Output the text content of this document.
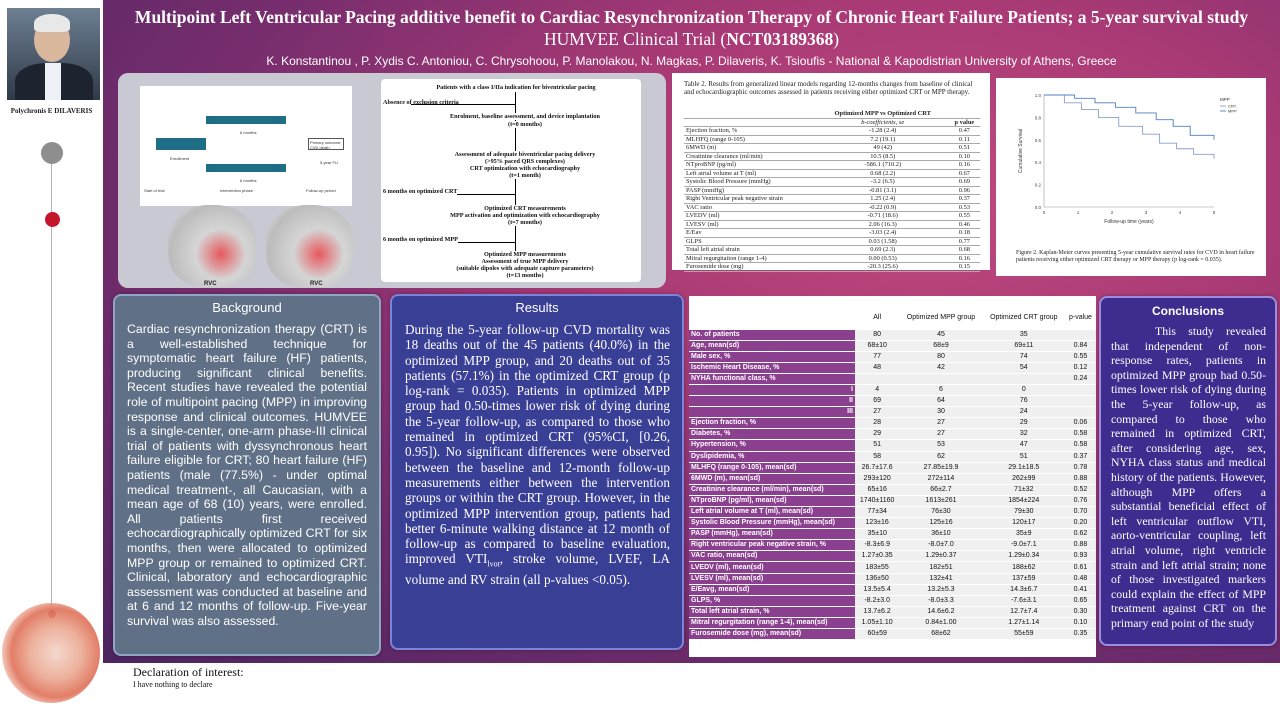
Polychronis E DILAVERIS
Multipoint Left Ventricular Pacing additive benefit to Cardiac Resynchronization Therapy of Chronic Heart Failure Patients; a 5-year survival study HUMVEE Clinical Trial (NCT03189368)
K. Konstantinou , P. Xydis C. Antoniou, C. Chrysohoou, P. Manolakou, N. Magkas, P. Dilaveris, K. Tsioufis - National & Kapodistrian University of Athens, Greece
Start of trial	Intervention phase	Follow-up period
Primary outcome: CVD death
5-year FU
6 months
6 months
Enrollment
RVC	RVC
Patients with a class I/IIa indication for biventricular pacing
Absence of exclusion criteria
Enrolment, baseline assessment, and device implantation
(t=0 months)
Assessment of adequate biventricular pacing delivery
(>95% paced QRS complexes)
CRT optimization with echocardiography
(t=1 month)
6 months on optimized CRT
Optimized CRT measurements
MPP activation and optimization with echocardiography
(t=7 months)
6 months on optimized MPP
Optimized MPP measurements
Assessment of true MPP delivery
(suitable dipoles with adequate capture parameters)
(t=13 months)
Table 2. Results from generalized linear models regarding 12-months changes from baseline of clinical and echocardiographic outcomes assessed in patients receiving either optimized CRT or MPP therapy.
	Optimized MPP vs Optimized CRT	
	b-coefficients, se	p value
Ejection fraction, %	-1.28 (2.4)	0.47
MLHFQ (range 0-105)	7.2 (19.1)	0.11
6MWD (m)	49 (42)	0.51
Creatinine clearance (ml/min)	10.5 (8.5)	0.10
NTproBNP (pg/ml)	-586.1 (710.2)	0.16
Left atrial volume at T (ml)	0.68 (2.2)	0.67
Systolic Blood Pressure (mmHg)	-3.2 (6.5)	0.69
PASP (mmHg)	-0.81 (3.1)	0.96
Right Ventricular peak negative strain	1.25 (2.4)	0.37
VAC ratio	-0.22 (0.9)	0.53
LVEDV (ml)	-0.71 (18.6)	0.55
LVESV (ml)	2.06 (16.3)	0.46
E/Eav	-3.03 (2.4)	0.18
GLPS	0.03 (1.58)	0.77
Total left atrial strain	0.69 (2.3)	0.68
Mitral regurgitation (range 1-4)	0.00 (0.53)	0.16
Furosemide dose (mg)	-20.3 (25.6)	0.15
1.0
0.8
0.6
0.4
0.2
0.0
0	1	2	3	4	5
Cumulative Survival
Follow-up time (years)
MPP
CRT
MPP
Figure 2. Kaplan-Meier curves presenting 5-year cumulative survival rates for CVD in heart failure patients receiving either optimized CRT therapy or MPP therapy (p log-rank = 0.035).
Background
Cardiac resynchronization therapy (CRT) is a well-established technique for symptomatic heart failure (HF) patients, producing significant clinical benefits. Recent studies have revealed the potential role of multipoint pacing (MPP) in improving response and clinical outcomes. HUMVEE is a single-center, one-arm phase-III clinical trial of patients with dyssynchronous heart failure eligible for CRT; 80 heart failure (HF) patients (male (77.5%) - under optimal medical treatment-, all Caucasian, with a mean age of 68 (10) years, were enrolled. All patients first received echocardiographically optimized CRT for six months, then were allocated to optimized MPP group or remained to optimized CRT. Clinical, laboratory and echocardiographic assessment was conducted at baseline and at 6 and 12 months of follow-up. Five-year survival was also assessed.
Results
During the 5-year follow-up CVD mortality was 18 deaths out of the 45 patients (40.0%) in the optimized MPP group, and 20 deaths out of 35 patients (57.1%) in the optimized CRT group (p log-rank = 0.035). Patients in optimized MPP group had 0.50-times lower risk of dying during the 5-year follow-up, as compared to those who remained in optimized CRT (95%CI, [0.26, 0.95]). No significant differences were observed between the baseline and 12-month follow-up measurements either between the intervention groups or within the CRT group. However, in the optimized MPP intervention group, patients had better 6-minute walking distance at 12 month of follow-up as compared to baseline evaluation, improved $VTI_{lvot}$, stroke volume, LVEF, LA volume and RV strain (all p-values <0.05).
		Intervention		
	All	Optimized MPP group	Optimized CRT group	p-value
No. of patients	80	45	35	
Age, mean(sd)	68±10	68±9	69±11	0.84
Male sex, %	77	80	74	0.55
Ischemic Heart Disease, %	48	42	54	0.12
NYHA functional class, %				0.24
I	4	6	0	
II	69	64	76	
III	27	30	24	
Ejection fraction, %	28	27	29	0.06
Diabetes, %	29	27	32	0.58
Hypertension, %	51	53	47	0.58
Dyslipidemia, %	58	62	51	0.37
MLHFQ (range 0-105), mean(sd)	26.7±17.6	27.85±19.9	29.1±18.5	0.78
6MWD (m), mean(sd)	293±120	272±114	262±99	0.88
Creatinine clearance (ml/min), mean(sd)	65±16	66±2.7	71±32	0.52
NTproBNP (pg/ml), mean(sd)	1740±1160	1613±261	1854±224	0.76
Left atrial volume at T (ml), mean(sd)	77±34	76±30	79±30	0.70
Systolic Blood Pressure (mmHg), mean(sd)	123±16	125±16	120±17	0.20
PASP (mmHg), mean(sd)	35±10	36±10	35±9	0.62
Right ventricular peak negative strain, %	-8.3±6.9	-8.0±7.0	-9.0±7.1	0.88
VAC ratio, mean(sd)	1.27±0.35	1.29±0.37	1.29±0.34	0.93
LVEDV (ml), mean(sd)	183±55	182±51	188±62	0.61
LVESV (ml), mean(sd)	136±50	132±41	137±59	0.48
E/Eavg, mean(sd)	13.5±5.4	13.2±5.3	14.3±6.7	0.41
GLPS, %	-8.2±3.0	-8.0±3.3	-7.6±3.1	0.65
Total left atrial strain, %	13.7±6.2	14.6±6.2	12.7±7.4	0.30
Mitral regurgitation (range 1-4), mean(sd)	1.05±1.10	0.84±1.00	1.27±1.14	0.10
Furosemide dose (mg), mean(sd)	60±59	68±62	55±59	0.35
Conclusions
This study revealed that independent of non-response rates, patients in optimized MPP group had 0.50-times lower risk of dying during the 5-year follow-up, as compared to those who remained in optimized CRT, after considering age, sex, NYHA class status and medical history of the patients. However, although MPP offers a substantial beneficial effect of left ventricular outflow VTI, aorto-ventricular coupling, left atrial volume, right ventricle strain and left atrial strain; none of those investigated markers could explain the effect of MPP treatment against CRT on the primary end point of the study
Declaration of interest:
I have nothing to declare
